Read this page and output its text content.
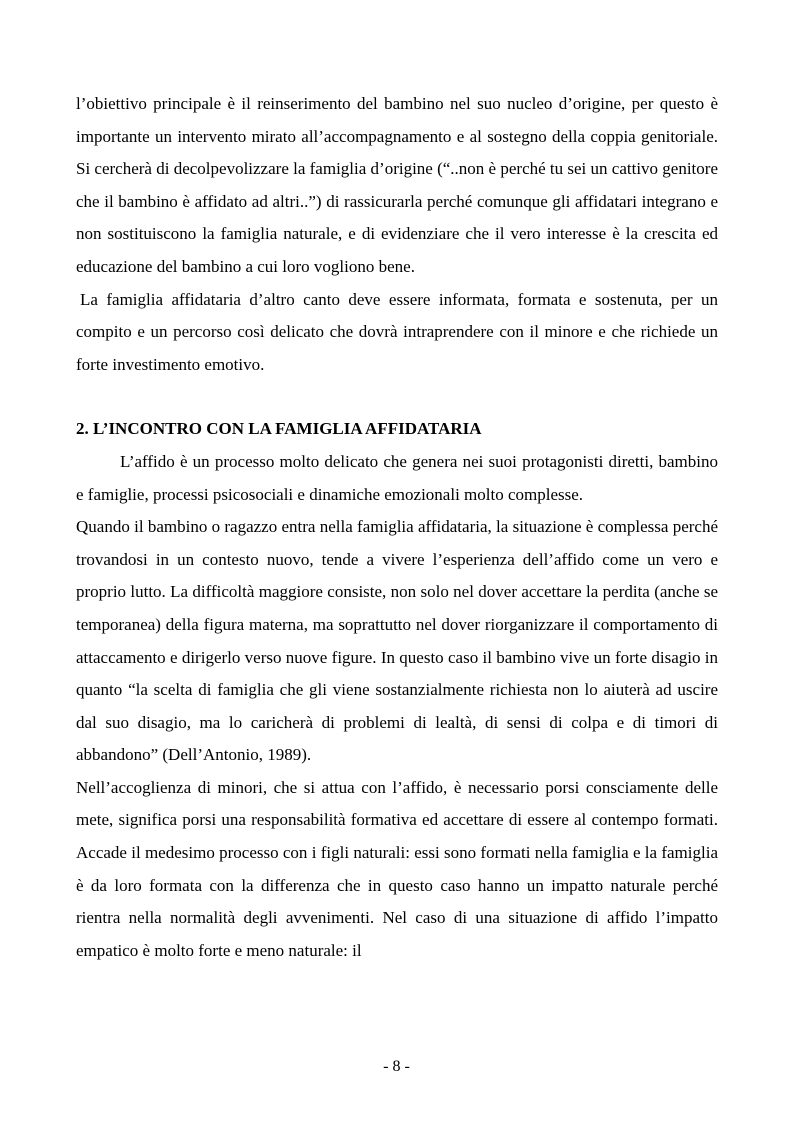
l’obiettivo principale è il reinserimento del bambino nel suo nucleo d’origine, per questo è importante un intervento mirato all’accompagnamento e al sostegno della coppia genitoriale. Si cercherà di decolpevolizzare la famiglia d’origine (“..non è perché tu sei un cattivo genitore che il bambino è affidato ad altri..”) di rassicurarla perché comunque gli affidatari integrano e non sostituiscono la famiglia naturale, e di evidenziare che il vero interesse è la crescita ed educazione del bambino a cui loro vogliono bene.

La famiglia affidataria d’altro canto deve essere informata, formata e sostenuta, per un compito e un percorso così delicato che dovrà intraprendere con il minore e che richiede un forte investimento emotivo.

2. L’INCONTRO CON LA FAMIGLIA AFFIDATARIA

L’affido è un processo molto delicato che genera nei suoi protagonisti diretti, bambino e famiglie, processi psicosociali e dinamiche emozionali molto complesse.

Quando il bambino o ragazzo entra nella famiglia affidataria, la situazione è complessa perché trovandosi in un contesto nuovo, tende a vivere l’esperienza dell’affido come un vero e proprio lutto. La difficoltà maggiore consiste, non solo nel dover accettare la perdita (anche se temporanea) della figura materna, ma soprattutto nel dover riorganizzare il comportamento di attaccamento e dirigerlo verso nuove figure. In questo caso il bambino vive un forte disagio in quanto “la scelta di famiglia che gli viene sostanzialmente richiesta non lo aiuterà ad uscire dal suo disagio, ma lo caricherà di problemi di lealtà, di sensi di colpa e di timori di abbandono” (Dell’Antonio, 1989).

Nell’accoglienza di minori, che si attua con l’affido, è necessario porsi consciamente delle mete, significa porsi una responsabilità formativa ed accettare di essere al contempo formati. Accade il medesimo processo con i figli naturali: essi sono formati nella famiglia e la famiglia è da loro formata con la differenza che in questo caso hanno un impatto naturale perché rientra nella normalità degli avvenimenti. Nel caso di una situazione di affido l’impatto empatico è molto forte e meno naturale: il

- 8 -
